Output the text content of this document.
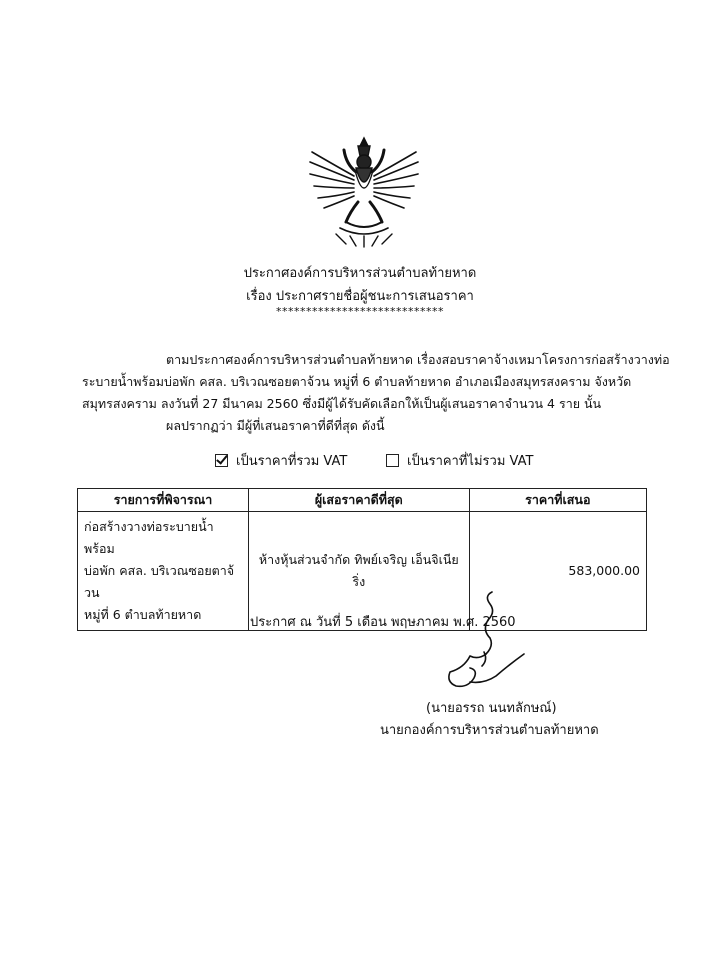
ประกาศองค์การบริหารส่วนตำบลท้ายหาด
เรื่อง ประกาศรายชื่อผู้ชนะการเสนอราคา
****************************
ตามประกาศองค์การบริหารส่วนตำบลท้ายหาด เรื่องสอบราคาจ้างเหมาโครงการก่อสร้างวางท่อ
ระบายน้ำพร้อมบ่อพัก คสล. บริเวณซอยตาจ้วน หมู่ที่ 6 ตำบลท้ายหาด อำเภอเมืองสมุทรสงคราม จังหวัด
สมุทรสงคราม ลงวันที่ 27 มีนาคม 2560 ซึ่งมีผู้ได้รับคัดเลือกให้เป็นผู้เสนอราคาจำนวน 4 ราย นั้น
ผลปรากฏว่า มีผู้ที่เสนอราคาที่ดีที่สุด ดังนี้
เป็นราคาที่รวม VAT	เป็นราคาที่ไม่รวม VAT
รายการที่พิจารณา	ผู้เสอราคาดีที่สุด	ราคาที่เสนอ

ก่อสร้างวางท่อระบายน้ำพร้อม
บ่อพัก คสล. บริเวณซอยตาจ้วน
หมู่ที่ 6 ตำบลท้ายหาด	ห้างหุ้นส่วนจำกัด ทิพย์เจริญ เอ็นจิเนียริ่ง	583,000.00
ประกาศ ณ วันที่ 5 เดือน พฤษภาคม พ.ศ. 2560
(นายอรรถ นนทลักษณ์)
นายกองค์การบริหารส่วนตำบลท้ายหาด
